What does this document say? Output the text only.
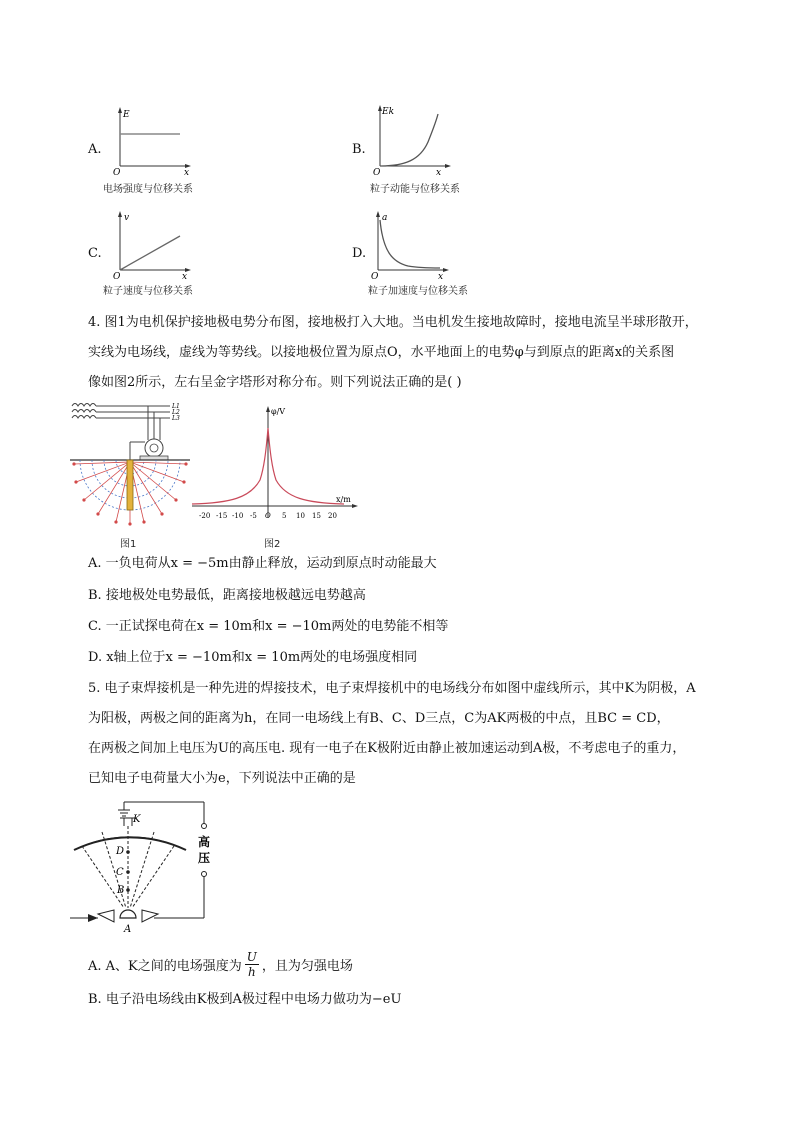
A.
E
O	x
电场强度与位移关系
B.
Ek
O	x
粒子动能与位移关系
C.
v
O	x
粒子速度与位移关系
D.
a
O	x
粒子加速度与位移关系
4. 图1为电机保护接地极电势分布图，接地极打入大地。当电机发生接地故障时，接地电流呈半球形散开，
实线为电场线，虚线为等势线。以接地极位置为原点O，水平地面上的电势φ与到原点的距离x的关系图
像如图2所示，左右呈金字塔形对称分布。则下列说法正确的是( )
L1
L2
L3
图1
φ/V
x/m
-20 -15 -10 -5 O 5 10 15 20
图2
A. 一负电荷从x = −5m由静止释放，运动到原点时动能最大
B. 接地极处电势最低，距离接地极越远电势越高
C. 一正试探电荷在x = 10m和x = −10m两处的电势能不相等
D. x轴上位于x = −10m和x = 10m两处的电场强度相同
5. 电子束焊接机是一种先进的焊接技术，电子束焊接机中的电场线分布如图中虚线所示，其中K为阴极，A
为阳极，两极之间的距离为h，在同一电场线上有B、C、D三点，C为AK两极的中点，且BC = CD，
在两极之间加上电压为U的高压电. 现有一电子在K极附近由静止被加速运动到A极，不考虑电子的重力，
已知电子电荷量大小为e，下列说法中正确的是
高
压
D
C
B
K
A
A. A、K之间的电场强度为 $\frac{U}{h}$ ，且为匀强电场
B. 电子沿电场线由K极到A极过程中电场力做功为−eU
